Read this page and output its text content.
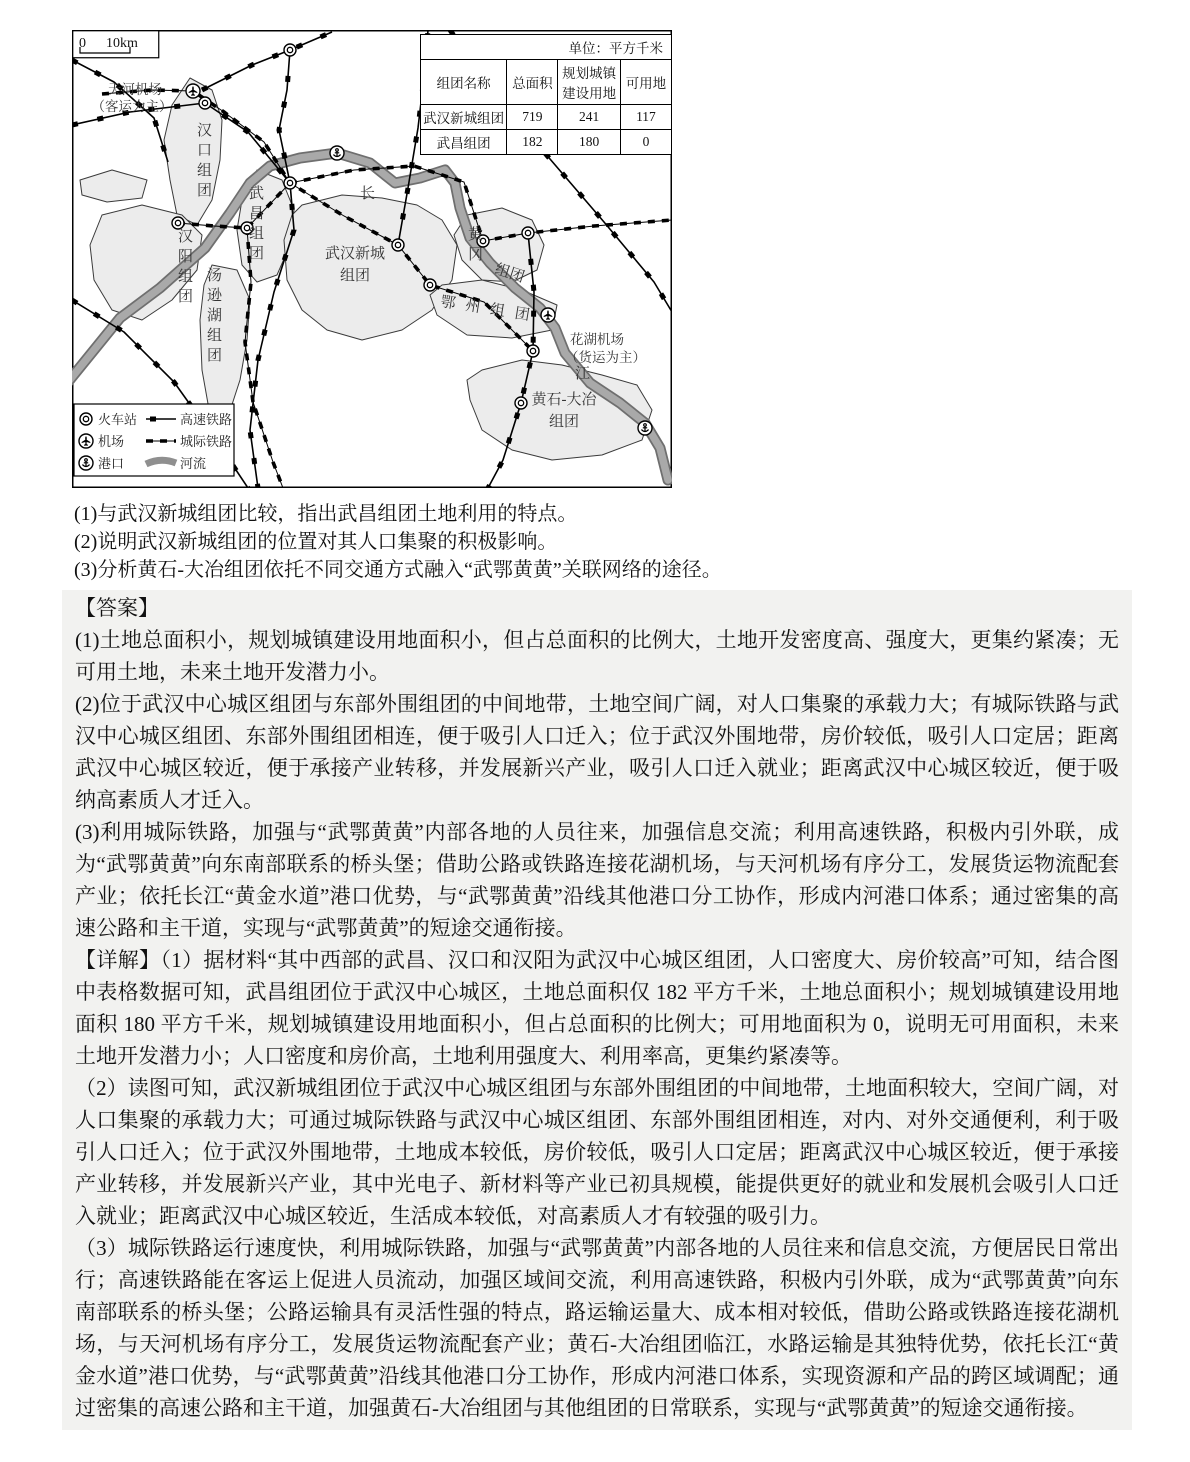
天河机场
（客运为主）
汉口组团
武昌组团
汉阳组团 汤逊湖组团
武汉新城
组团
黄冈
组团
鄂州组团
花湖机场
（货运为主）
黄石-大冶
组团
长
江
0 10km
火车站	高速铁路
机场	城际铁路
港口	河流
单位：平方千米			
组团名称	总面积	规划城镇建设用地	可用地
武汉新城组团	719	241	117
武昌组团	182	180	0

(1)与武汉新城组团比较，指出武昌组团土地利用的特点。

(2)说明武汉新城组团的位置对其人口集聚的积极影响。

(3)分析黄石-大冶组团依托不同交通方式融入“武鄂黄黄”关联网络的途径。

【答案】

(1)土地总面积小，规划城镇建设用地面积小，但占总面积的比例大，土地开发密度高、强度大，更集约紧凑；无可用土地，未来土地开发潜力小。

(2)位于武汉中心城区组团与东部外围组团的中间地带，土地空间广阔，对人口集聚的承载力大；有城际铁路与武汉中心城区组团、东部外围组团相连，便于吸引人口迁入；位于武汉外围地带，房价较低，吸引人口定居；距离武汉中心城区较近，便于承接产业转移，并发展新兴产业，吸引人口迁入就业；距离武汉中心城区较近，便于吸纳高素质人才迁入。

(3)利用城际铁路，加强与“武鄂黄黄”内部各地的人员往来，加强信息交流；利用高速铁路，积极内引外联，成为“武鄂黄黄”向东南部联系的桥头堡；借助公路或铁路连接花湖机场，与天河机场有序分工，发展货运物流配套产业；依托长江“黄金水道”港口优势，与“武鄂黄黄”沿线其他港口分工协作，形成内河港口体系；通过密集的高速公路和主干道，实现与“武鄂黄黄”的短途交通衔接。

【详解】（1）据材料“其中西部的武昌、汉口和汉阳为武汉中心城区组团，人口密度大、房价较高”可知，结合图中表格数据可知，武昌组团位于武汉中心城区，土地总面积仅 182 平方千米，土地总面积小；规划城镇建设用地面积 180 平方千米，规划城镇建设用地面积小，但占总面积的比例大；可用地面积为 0，说明无可用面积，未来土地开发潜力小；人口密度和房价高，土地利用强度大、利用率高，更集约紧凑等。

（2）读图可知，武汉新城组团位于武汉中心城区组团与东部外围组团的中间地带，土地面积较大，空间广阔，对人口集聚的承载力大；可通过城际铁路与武汉中心城区组团、东部外围组团相连，对内、对外交通便利，利于吸引人口迁入；位于武汉外围地带，土地成本较低，房价较低，吸引人口定居；距离武汉中心城区较近，便于承接产业转移，并发展新兴产业，其中光电子、新材料等产业已初具规模，能提供更好的就业和发展机会吸引人口迁入就业；距离武汉中心城区较近，生活成本较低，对高素质人才有较强的吸引力。

（3）城际铁路运行速度快，利用城际铁路，加强与“武鄂黄黄”内部各地的人员往来和信息交流，方便居民日常出行；高速铁路能在客运上促进人员流动，加强区域间交流，利用高速铁路，积极内引外联，成为“武鄂黄黄”向东南部联系的桥头堡；公路运输具有灵活性强的特点，路运输运量大、成本相对较低，借助公路或铁路连接花湖机场，与天河机场有序分工，发展货运物流配套产业；黄石-大冶组团临江，水路运输是其独特优势，依托长江“黄金水道”港口优势，与“武鄂黄黄”沿线其他港口分工协作，形成内河港口体系，实现资源和产品的跨区域调配；通过密集的高速公路和主干道，加强黄石-大冶组团与其他组团的日常联系，实现与“武鄂黄黄”的短途交通衔接。
